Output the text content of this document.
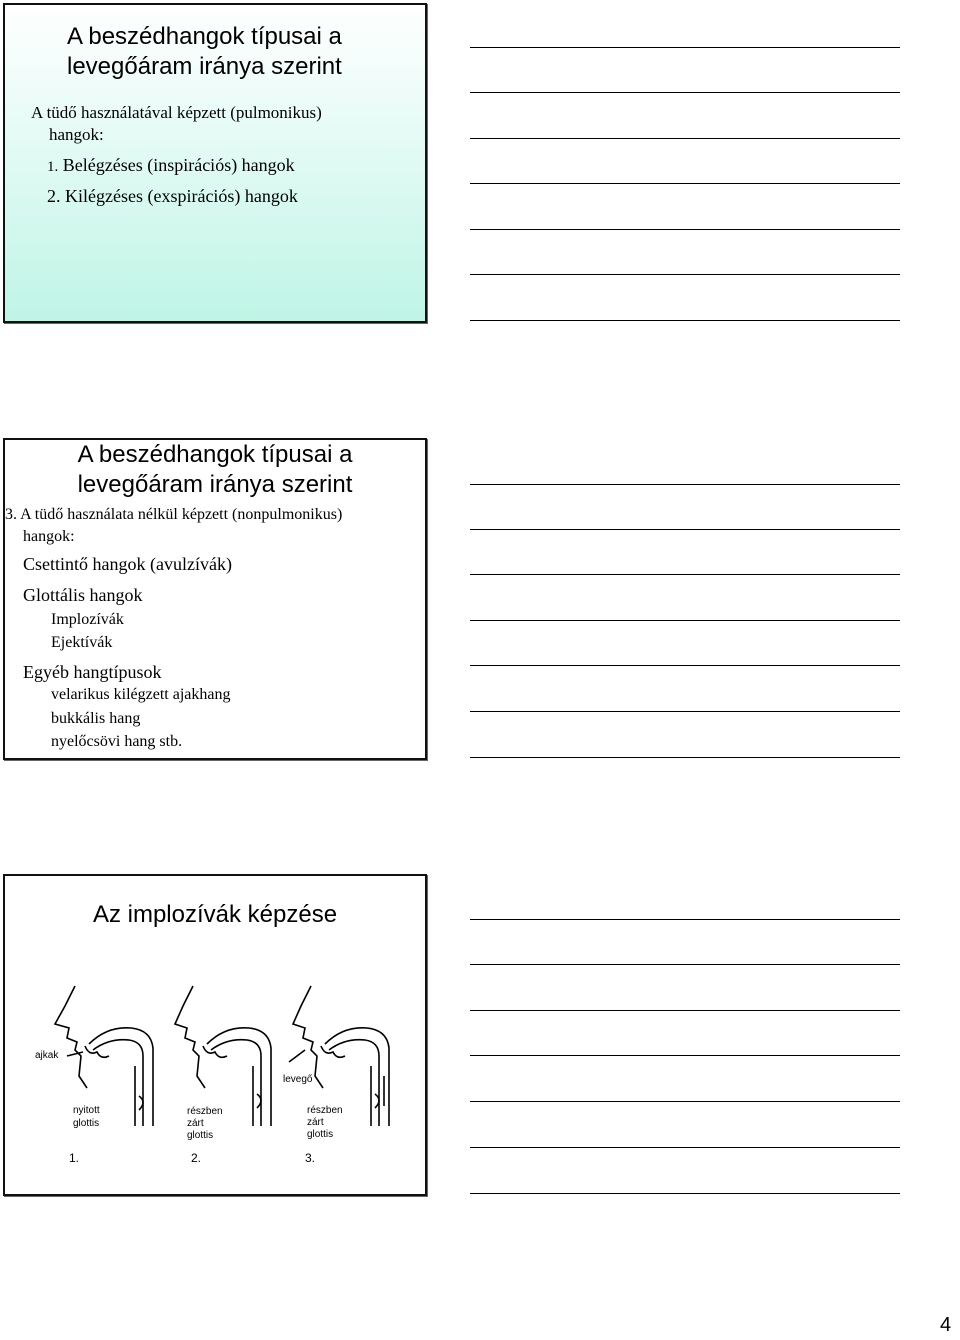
A beszédhangok típusai a
levegőáram iránya szerint
A tüdő használatával képzett (pulmonikus)
hangok:
1. Belégzéses (inspirációs) hangok
2. Kilégzéses (exspirációs) hangok
A beszédhangok típusai a
levegőáram iránya szerint
3. A tüdő használata nélkül képzett (nonpulmonikus)
hangok:
Csettintő hangok (avulzívák)
Glottális hangok
Implozívák
Ejektívák
Egyéb hangtípusok
velarikus kilégzett ajakhang
bukkális hang
nyelőcsövi hang stb.
Az implozívák képzése
ajkak
levegő
nyitott
glottis
részben
zárt
glottis
részben
zárt
glottis
1.	2.	3.
4
